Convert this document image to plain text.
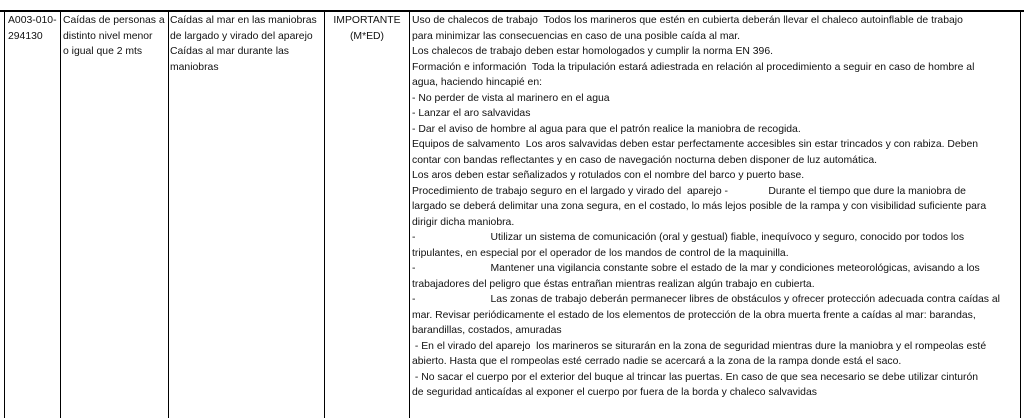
A003-010-
294130
Caídas de personas a
distinto nivel menor
o igual que 2 mts
Caídas al mar en las maniobras
de largado y virado del aparejo
Caídas al mar durante las
maniobras
IMPORTANTE
(M*ED)
Uso de chalecos de trabajo  Todos los marineros que estén en cubierta deberán llevar el chaleco autoinflable de trabajo
para minimizar las consecuencias en caso de una posible caída al mar.
Los chalecos de trabajo deben estar homologados y cumplir la norma EN 396.
Formación e información  Toda la tripulación estará adiestrada en relación al procedimiento a seguir en caso de hombre al
agua, haciendo hincapié en:
- No perder de vista al marinero en el agua
- Lanzar el aro salvavidas
- Dar el aviso de hombre al agua para que el patrón realice la maniobra de recogida.
Equipos de salvamento  Los aros salvavidas deben estar perfectamente accesibles sin estar trincados y con rabiza. Deben
contar con bandas reflectantes y en caso de navegación nocturna deben disponer de luz automática.
Los aros deben estar señalizados y rotulados con el nombre del barco y puerto base.
Procedimiento de trabajo seguro en el largado y virado del  aparejo -              Durante el tiempo que dure la maniobra de
largado se deberá delimitar una zona segura, en el costado, lo más lejos posible de la rampa y con visibilidad suficiente para
dirigir dicha maniobra.
-                          Utilizar un sistema de comunicación (oral y gestual) fiable, inequívoco y seguro, conocido por todos los
tripulantes, en especial por el operador de los mandos de control de la maquinilla.
-                          Mantener una vigilancia constante sobre el estado de la mar y condiciones meteorológicas, avisando a los
trabajadores del peligro que éstas entrañan mientras realizan algún trabajo en cubierta.
-                          Las zonas de trabajo deberán permanecer libres de obstáculos y ofrecer protección adecuada contra caídas al
mar. Revisar periódicamente el estado de los elementos de protección de la obra muerta frente a caídas al mar: barandas,
barandillas, costados, amuradas
- En el virado del aparejo  los marineros se siturarán en la zona de seguridad mientras dure la maniobra y el rompeolas esté
abierto. Hasta que el rompeolas esté cerrado nadie se acercará a la zona de la rampa donde está el saco.
- No sacar el cuerpo por el exterior del buque al trincar las puertas. En caso de que sea necesario se debe utilizar cinturón
de seguridad anticaídas al exponer el cuerpo por fuera de la borda y chaleco salvavidas
